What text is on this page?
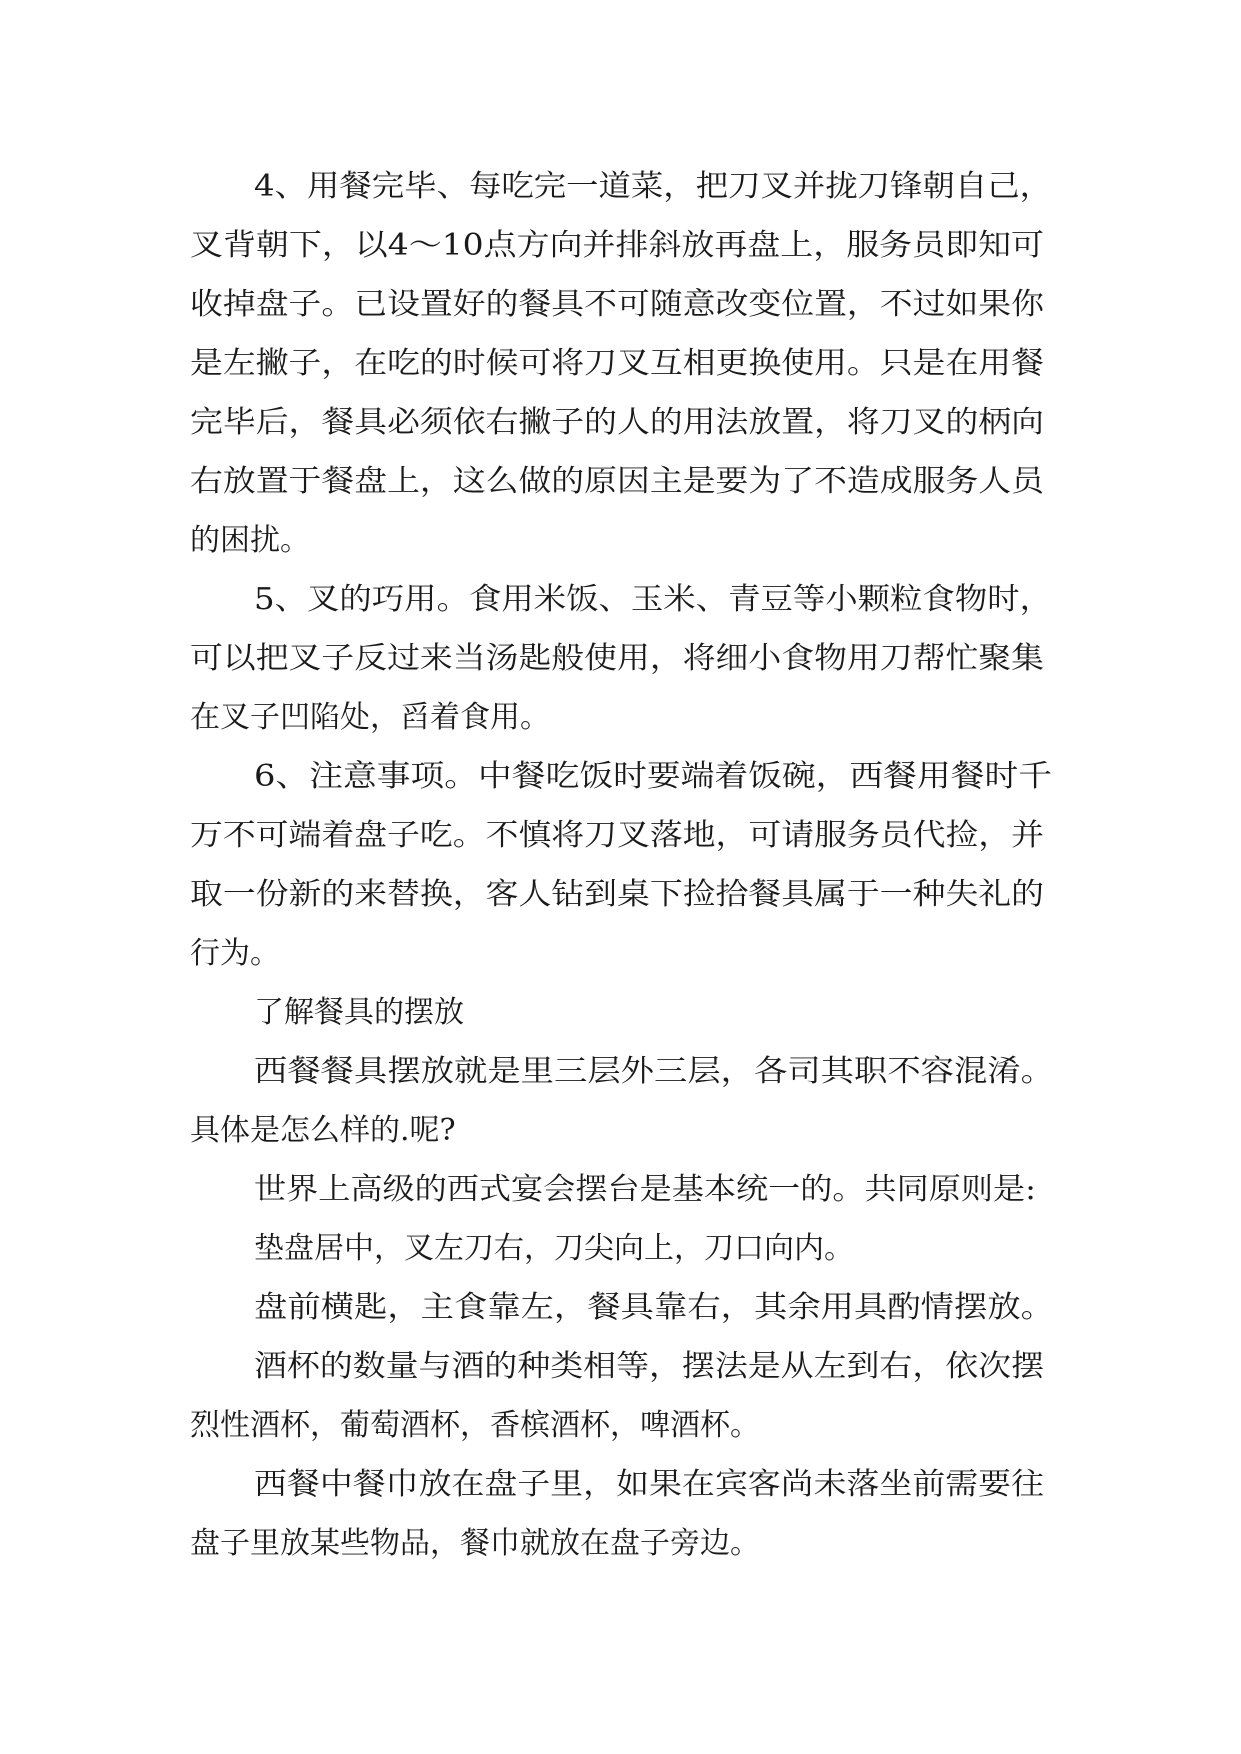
4、用餐完毕、每吃完一道菜，把刀叉并拢刀锋朝自己，
叉背朝下，以4～10点方向并排斜放再盘上，服务员即知可
收掉盘子。已设置好的餐具不可随意改变位置，不过如果你
是左撇子，在吃的时候可将刀叉互相更换使用。只是在用餐
完毕后，餐具必须依右撇子的人的用法放置，将刀叉的柄向
右放置于餐盘上，这么做的原因主是要为了不造成服务人员
的困扰。
5、叉的巧用。食用米饭、玉米、青豆等小颗粒食物时，
可以把叉子反过来当汤匙般使用，将细小食物用刀帮忙聚集
在叉子凹陷处，舀着食用。
6、注意事项。中餐吃饭时要端着饭碗，西餐用餐时千
万不可端着盘子吃。不慎将刀叉落地，可请服务员代捡，并
取一份新的来替换，客人钻到桌下捡拾餐具属于一种失礼的
行为。
了解餐具的摆放
西餐餐具摆放就是里三层外三层，各司其职不容混淆。
具体是怎么样的.呢?
世界上高级的西式宴会摆台是基本统一的。共同原则是:
垫盘居中，叉左刀右，刀尖向上，刀口向内。
盘前横匙，主食靠左，餐具靠右，其余用具酌情摆放。
酒杯的数量与酒的种类相等，摆法是从左到右，依次摆
烈性酒杯，葡萄酒杯，香槟酒杯，啤酒杯。
西餐中餐巾放在盘子里，如果在宾客尚未落坐前需要往
盘子里放某些物品，餐巾就放在盘子旁边。
